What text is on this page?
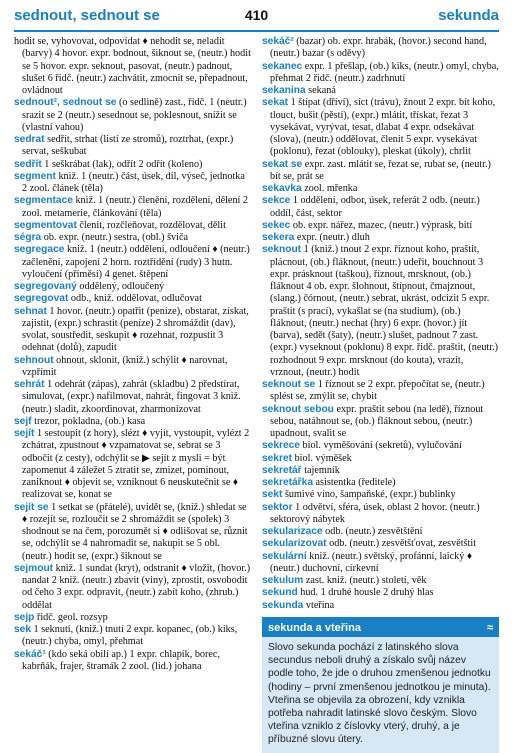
sednout, sednout se	410	sekunda

hodit se, vyhovovat, odpovídat ♦ nehodit se, neladit (barvy) 4 hovor. expr. bodnout, šiknout se, (neutr.) hodit se 5 hovor. expr. seknout, pasovat, (neutr.) padnout, slušet 6 řidč. (neutr.) zachvátit, zmocnit se, přepadnout, ovládnout

sednout², sednout se (o sedlině) zast., řidč. 1 (neutr.) srazit se 2 (neutr.) sesednout se, poklesnout, snížit se (vlastní vahou)

sedrat sedřít, strhat (listí ze stromů), roztrhat, (expr.) servat, seškubat

sedřít 1 seškrábat (lak), odřít 2 odřít (koleno)

segment kniž. 1 (neutr.) část, úsek, díl, výseč, jednotka 2 zool. článek (těla)

segmentace kniž. 1 (neutr.) členění, rozdělení, dělení 2 zool. metamerie, článkování (těla)

segmentovat členit, rozčleňovat, rozdělovat, dělit

ségra ob. expr. (neutr.) sestra, (obl.) šviča

segregace kniž. 1 (neutr.) oddělení, odloučení ♦ (neutr.) začlenění, zapojení 2 horn. roztřídění (rudy) 3 hutn. vyloučení (příměsí) 4 genet. štěpení

segregovaný oddělený, odloučený

segregovat odb., kniž. oddělovat, odlučovat

sehnat 1 hovor. (neutr.) opatřit (peníze), obstarat, získat, zajistit, (expr.) schrastit (peníze) 2 shromáždit (dav), svolat, soustředit, seskupit ♦ rozehnat, rozpustit 3 odehnat (dolů), zapudit

sehnout ohnout, sklonit, (kniž.) schýlit ♦ narovnat, vzpřímit

sehrát 1 odehrát (zápas), zahrát (skladbu) 2 předstírat, simulovat, (expr.) nafilmovat, nahrát, fingovat 3 kniž. (neutr.) sladit, zkoordinovat, zharmonizovat

sejf trezor, pokladna, (ob.) kasa

sejít 1 sestoupit (z hory), slézt ♦ vyjít, vystoupit, vylézt 2 zchátrat, zpustnout ♦ vzpamatovat se, sebrat se 3 odbočit (z cesty), odchýlit se ▶ sejít z mysli = být zapomenut 4 záležet 5 ztratit se, zmizet, pominout, zaniknout ♦ objevit se, vzniknout 6 neuskutečnit se ♦ realizovat se, konat se

sejít se 1 setkat se (přátelé), uvidět se, (kniž.) shledat se ♦ rozejít se, rozloučit se 2 shromáždit se (spolek) 3 shodnout se na čem, porozumět si ♦ odlišovat se, různit se, odchýlit se 4 nahromadit se, nakupit se 5 obl. (neutr.) hodit se, (expr.) šiknout se

sejmout kniž. 1 sundat (kryt), odstranit ♦ vložit, (hovor.) nandat 2 kniž. (neutr.) zbavit (viny), zprostit, osvobodit od čeho 3 expr. odpravit, (neutr.) zabít koho, (zhrub.) oddělat

sejp řidč. geol. rozsyp

sek 1 seknutí, (kniž.) tnutí 2 expr. kopanec, (ob.) kiks, (neutr.) chyba, omyl, přehmat

sekáč¹ (kdo seká obilí ap.) 1 expr. chlapík, borec, kabrňák, frajer, štramák 2 zool. (lid.) johana

sekáč² (bazar) ob. expr. hrabák, (hovor.) second hand, (neutr.) bazar (s oděvy)

sekanec expr. 1 přešlap, (ob.) kiks, (neutr.) omyl, chyba, přehmat 2 řidč. (neutr.) zadrhnutí

sekanina sekaná

sekat 1 štípat (dříví), síct (trávu), žnout 2 expr. bít koho, tlouct, bušit (pěstí), (expr.) mlátit, třískat, řezat 3 vysekávat, vyrývat, tesat, dlabat 4 expr. odsekávat (slova), (neutr.) oddělovat, členit 5 expr. vysekávat (poklonu), řezat (oblouky), pleskat (úkoly), chrlit

sekat se expr. zast. mlátit se, řezat se, rubat se, (neutr.) bít se, prát se

sekavka zool. mřenka

sekce 1 oddělení, odbor, úsek, referát 2 odb. (neutr.) oddíl, část, sektor

sekec ob. expr. nářez, mazec, (neutr.) výprask, bití

sekera expr. (neutr.) dluh

seknout 1 (kniž.) tnout 2 expr. říznout koho, praštit, plácnout, (ob.) fláknout, (neutr.) udeřit, bouchnout 3 expr. prásknout (taškou), říznout, mrsknout, (ob.) fláknout 4 ob. expr. šlohnout, štípnout, čmajznout, (slang.) čórnout, (neutr.) sebrat, ukrást, odcizit 5 expr. praštit (s prací), vykašlat se (na studium), (ob.) fláknout, (neutr.) nechat (hry) 6 expr. (hovor.) jít (barva), sedět (šaty), (neutr.) slušet, padnout 7 zast. (expr.) vyseknout (poklonu) 8 expr. řidč. praštit, (neutr.) rozhodnout 9 expr. mrsknout (do kouta), vrazit, vrznout, (neutr.) hodit

seknout se 1 říznout se 2 expr. přepočítat se, (neutr.) splést se, zmýlit se, chybit

seknout sebou expr. praštit sebou (na ledě), říznout sebou, natáhnout se, (ob.) fláknout sebou, (neutr.) upadnout, svalit se

sekrece biol. vyměšování (sekretů), vylučování

sekret biol. výměšek

sekretář tajemník

sekretářka asistentka (ředitele)

sekt šumivé víno, šampaňské, (expr.) bublinky

sektor 1 odvětví, sféra, úsek, oblast 2 hovor. (neutr.) sektorový nábytek

sekularizace odb. (neutr.) zesvětštění

sekularizovat odb. (neutr.) zesvětšťovat, zesvětštit

sekulární kniž. (neutr.) světský, profánní, laický ♦ (neutr.) duchovní, církevní

sekulum zast. kniž. (neutr.) století, věk

sekund hud. 1 druhé housle 2 druhý hlas

sekunda vteřina

sekunda a vteřina	≈
Slovo sekunda pochází z latinského slova secundus neboli druhý a získalo svůj název podle toho, že jde o druhou zmenšenou jednotku (hodiny – první zmenšenou jednotkou je minuta). Vteřina se objevila za obrození, kdy vznikla potřeba nahradit latinské slovo českým. Slovo vteřina vzniklo z číslovky vterý, druhý, a je příbuzné slovu útery.
